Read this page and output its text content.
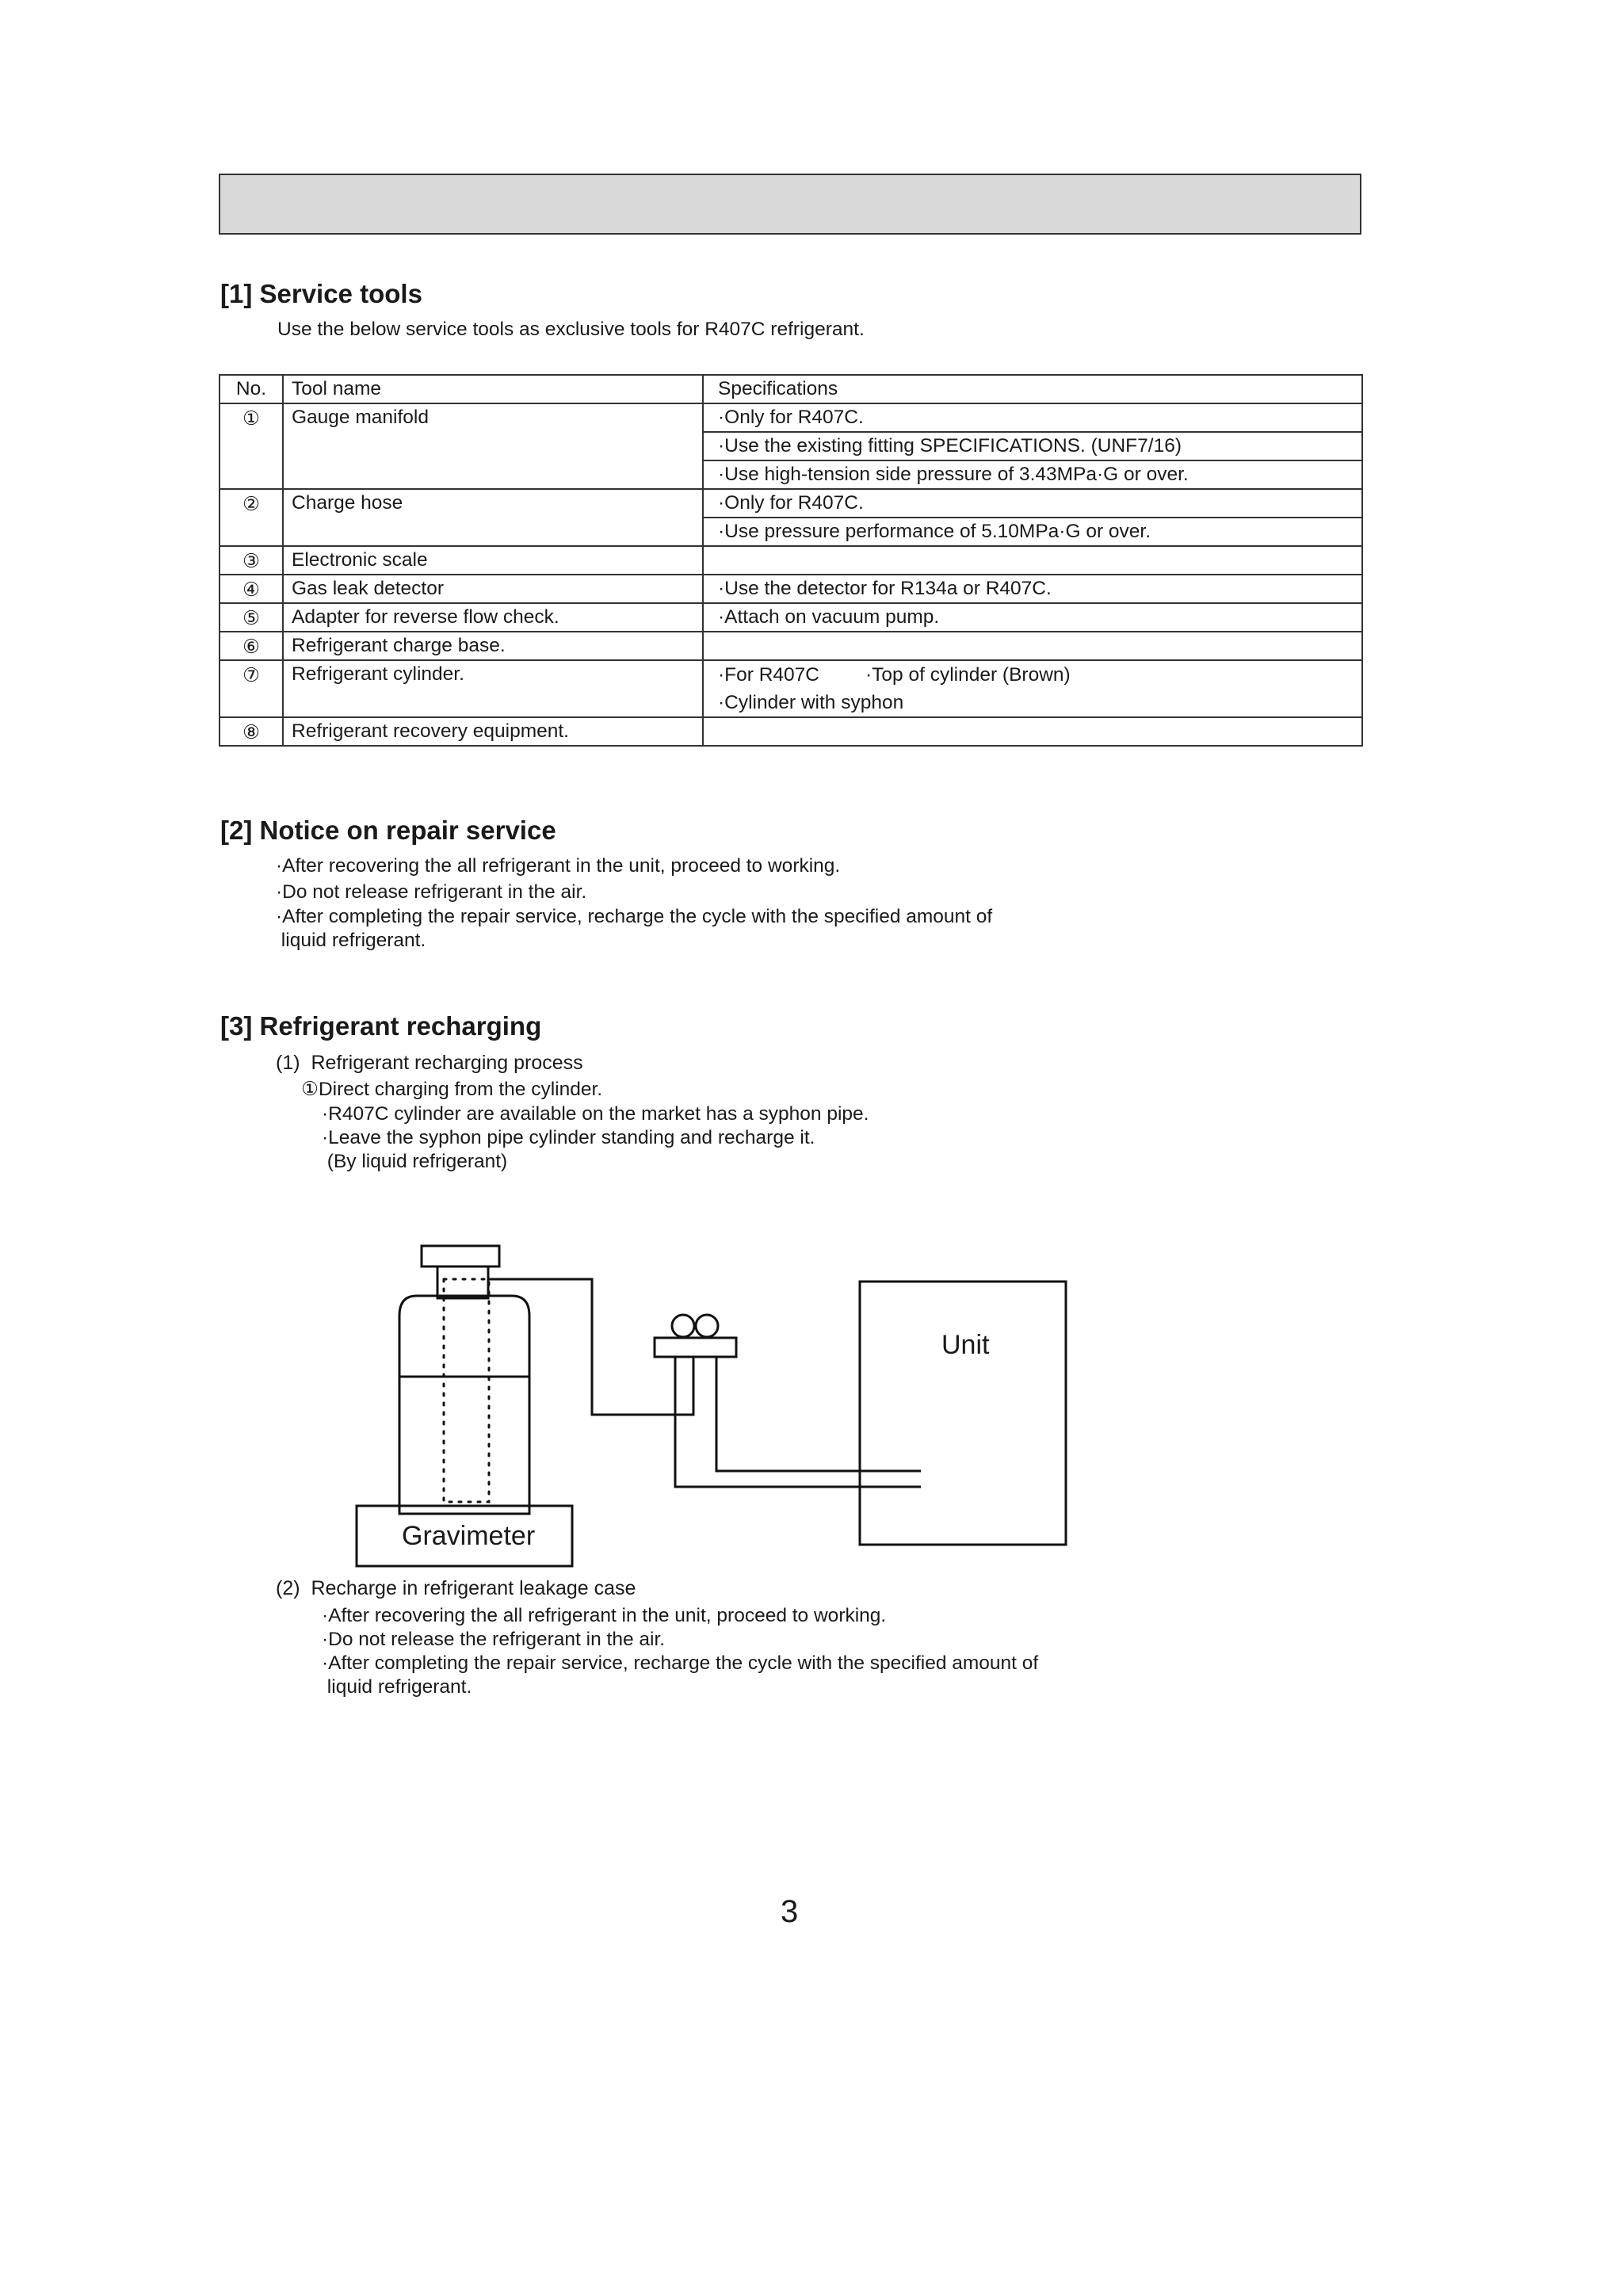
[1] Service tools
Use the below service tools as exclusive tools for R407C refrigerant.
No.	Tool name	Specifications
①	Gauge manifold	·Only for R407C.
		·Use the existing fitting SPECIFICATIONS. (UNF7/16)
		·Use high-tension side pressure of 3.43MPa·G or over.
②	Charge hose	·Only for R407C.
		·Use pressure performance of 5.10MPa·G or over.
③	Electronic scale	
④	Gas leak detector	·Use the detector for R134a or R407C.
⑤	Adapter for reverse flow check.	·Attach on vacuum pump.
⑥	Refrigerant charge base.	
⑦	Refrigerant cylinder.	·For R407C ·Top of cylinder (Brown)
		·Cylinder with syphon
⑧	Refrigerant recovery equipment.	
[2] Notice on repair service
·After recovering the all refrigerant in the unit, proceed to working.
·Do not release refrigerant in the air.
·After completing the repair service, recharge the cycle with the specified amount of
liquid refrigerant.
[3] Refrigerant recharging
(1)  Refrigerant recharging process
①Direct charging from the cylinder.
·R407C cylinder are available on the market has a syphon pipe.
·Leave the syphon pipe cylinder standing and recharge it.
(By liquid refrigerant)
Unit
Gravimeter
(2)  Recharge in refrigerant leakage case
·After recovering the all refrigerant in the unit, proceed to working.
·Do not release the refrigerant in the air.
·After completing the repair service, recharge the cycle with the specified amount of
liquid refrigerant.
3
